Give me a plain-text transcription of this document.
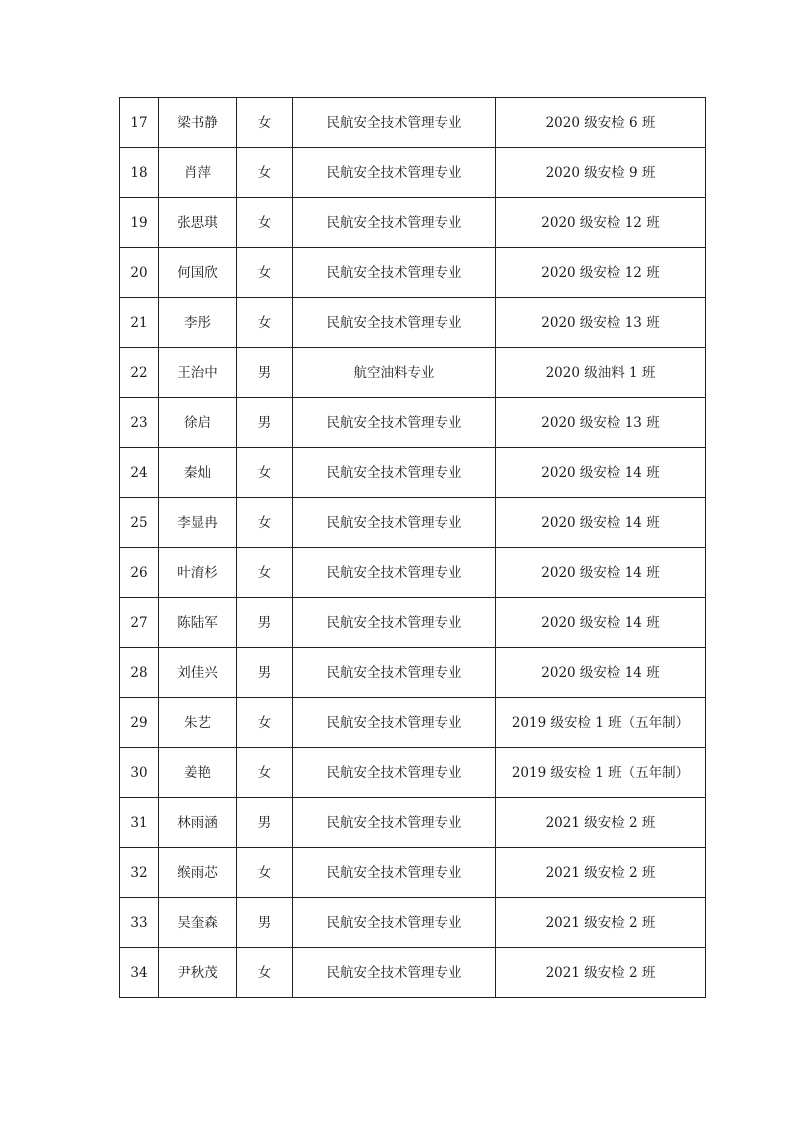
17	梁书静	女	民航安全技术管理专业	2020 级安检 6 班
18	肖萍	女	民航安全技术管理专业	2020 级安检 9 班
19	张思琪	女	民航安全技术管理专业	2020 级安检 12 班
20	何国欣	女	民航安全技术管理专业	2020 级安检 12 班
21	李彤	女	民航安全技术管理专业	2020 级安检 13 班
22	王治中	男	航空油料专业	2020 级油料 1 班
23	徐启	男	民航安全技术管理专业	2020 级安检 13 班
24	秦灿	女	民航安全技术管理专业	2020 级安检 14 班
25	李显冉	女	民航安全技术管理专业	2020 级安检 14 班
26	叶淯杉	女	民航安全技术管理专业	2020 级安检 14 班
27	陈陆军	男	民航安全技术管理专业	2020 级安检 14 班
28	刘佳兴	男	民航安全技术管理专业	2020 级安检 14 班
29	朱艺	女	民航安全技术管理专业	2019 级安检 1 班（五年制）
30	姜艳	女	民航安全技术管理专业	2019 级安检 1 班（五年制）
31	林雨涵	男	民航安全技术管理专业	2021 级安检 2 班
32	缑雨芯	女	民航安全技术管理专业	2021 级安检 2 班
33	吴奎森	男	民航安全技术管理专业	2021 级安检 2 班
34	尹秋茂	女	民航安全技术管理专业	2021 级安检 2 班
